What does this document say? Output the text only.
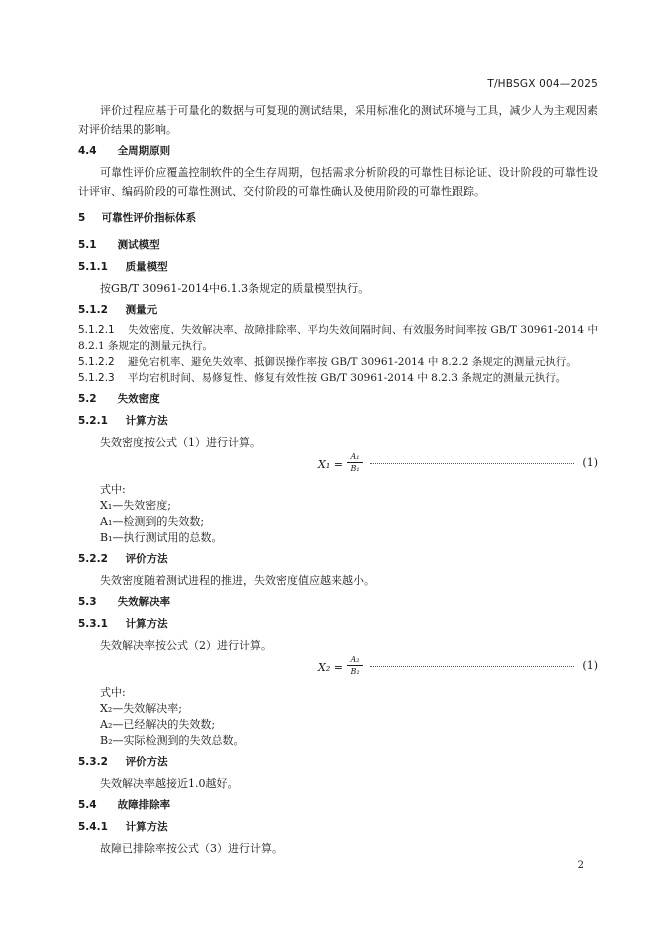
T/HBSGX 004—2025

评价过程应基于可量化的数据与可复现的测试结果，采用标准化的测试环境与工具，减少人为主观因素对评价结果的影响。

4.4 全周期原则

可靠性评价应覆盖控制软件的全生存周期，包括需求分析阶段的可靠性目标论证、设计阶段的可靠性设计评审、编码阶段的可靠性测试、交付阶段的可靠性确认及使用阶段的可靠性跟踪。

5 可靠性评价指标体系
5.1 测试模型
5.1.1 质量模型

按GB/T 30961-2014中6.1.3条规定的质量模型执行。

5.1.2 测量元

5.1.2.1 失效密度、失效解决率、故障排除率、平均失效间隔时间、有效服务时间率按 GB/T 30961-2014 中 8.2.1 条规定的测量元执行。

5.1.2.2 避免宕机率、避免失效率、抵御误操作率按 GB/T 30961-2014 中 8.2.2 条规定的测量元执行。

5.1.2.3 平均宕机时间、易修复性、修复有效性按 GB/T 30961-2014 中 8.2.3 条规定的测量元执行。

5.2 失效密度
5.2.1 计算方法

失效密度按公式（1）进行计算。

X₁ =
A₁
B₁	(1)

式中:

X₁—失效密度;

A₁—检测到的失效数;

B₁—执行测试用的总数。

5.2.2 评价方法

失效密度随着测试进程的推进，失效密度值应越来越小。

5.3 失效解决率
5.3.1 计算方法

失效解决率按公式（2）进行计算。

X₂ =
A₂
B₂	(1)

式中:

X₂—失效解决率;

A₂—已经解决的失效数;

B₂—实际检测到的失效总数。

5.3.2 评价方法

失效解决率越接近1.0越好。

5.4 故障排除率
5.4.1 计算方法

故障已排除率按公式（3）进行计算。

2
